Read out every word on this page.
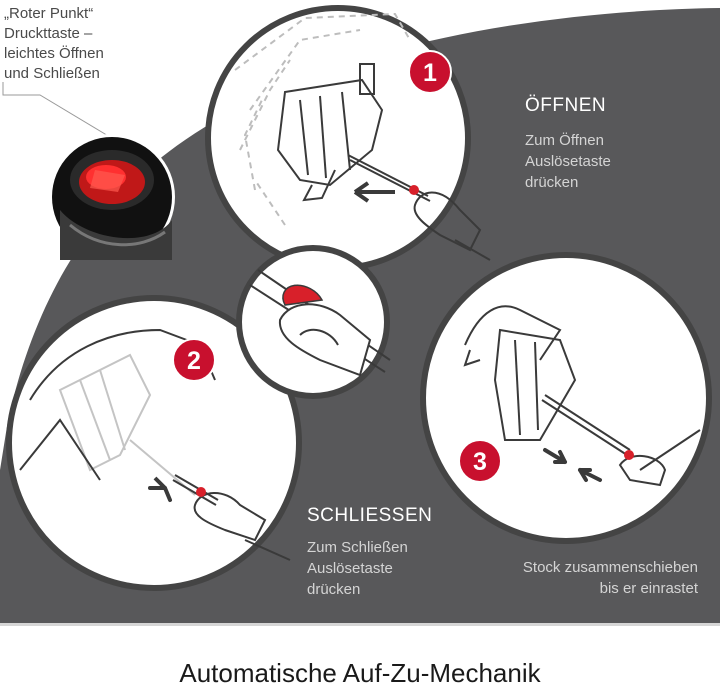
1
2
3
„Roter Punkt“
Druckttaste –
leichtes Öffnen
und Schließen
ÖFFNEN
Zum Öffnen
Auslösetaste
drücken
SCHLIESSEN
Zum Schließen
Auslösetaste
drücken
Stock zusammenschieben
bis er einrastet
Automatische Auf-Zu-Mechanik
